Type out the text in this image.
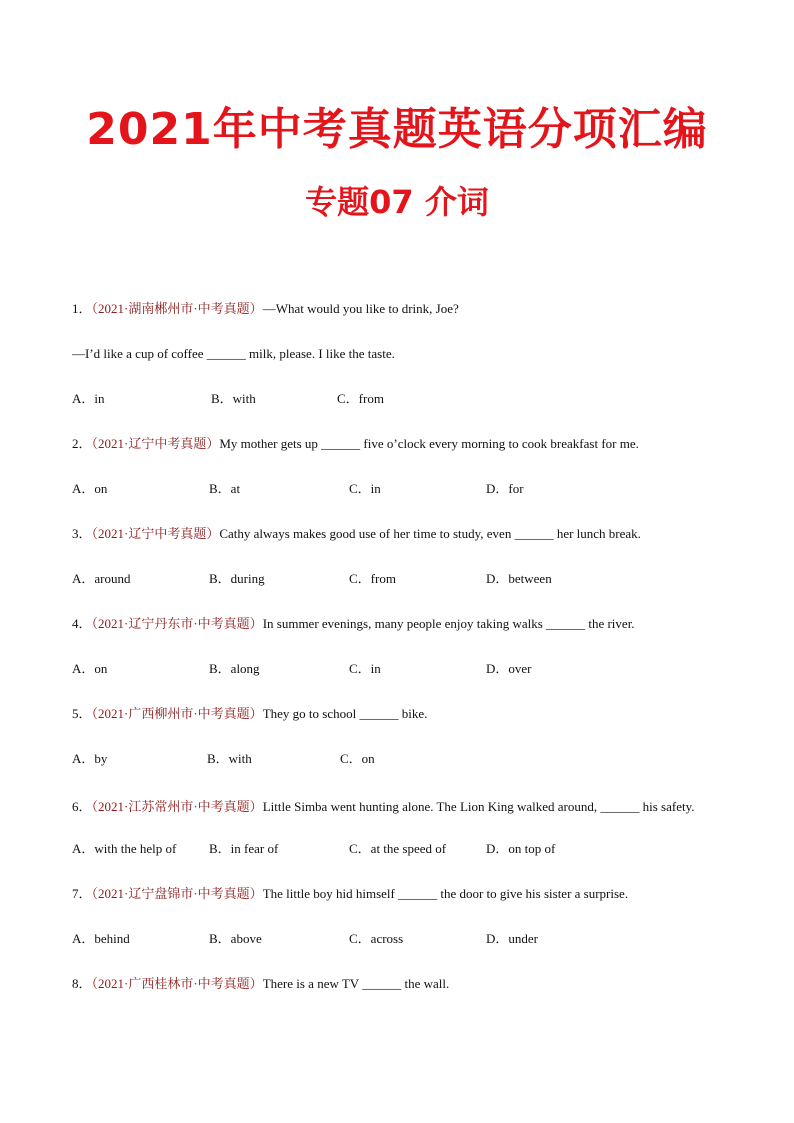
2021年中考真题英语分项汇编
专题07 介词
1．（2021·湖南郴州市·中考真题）—What would you like to drink, Joe?
—I’d like a cup of coffee ______ milk, please. I like the taste.
A．in	B．with	C．from
2．（2021·辽宁中考真题）My mother gets up ______ five o’clock every morning to cook breakfast for me.
A．on	B．at	C．in	D．for
3．（2021·辽宁中考真题）Cathy always makes good use of her time to study, even ______ her lunch break.
A．around	B．during	C．from	D．between
4．（2021·辽宁丹东市·中考真题）In summer evenings, many people enjoy taking walks ______ the river.
A．on	B．along	C．in	D．over
5．（2021·广西柳州市·中考真题）They go to school ______ bike.
A．by	B．with	C．on
6．（2021·江苏常州市·中考真题）Little Simba went hunting alone. The Lion King walked around, ______ his safety.
A．with the help of	B．in fear of	C．at the speed of	D．on top of
7．（2021·辽宁盘锦市·中考真题）The little boy hid himself ______ the door to give his sister a surprise.
A．behind	B．above	C．across	D．under
8．（2021·广西桂林市·中考真题）There is a new TV ______ the wall.
